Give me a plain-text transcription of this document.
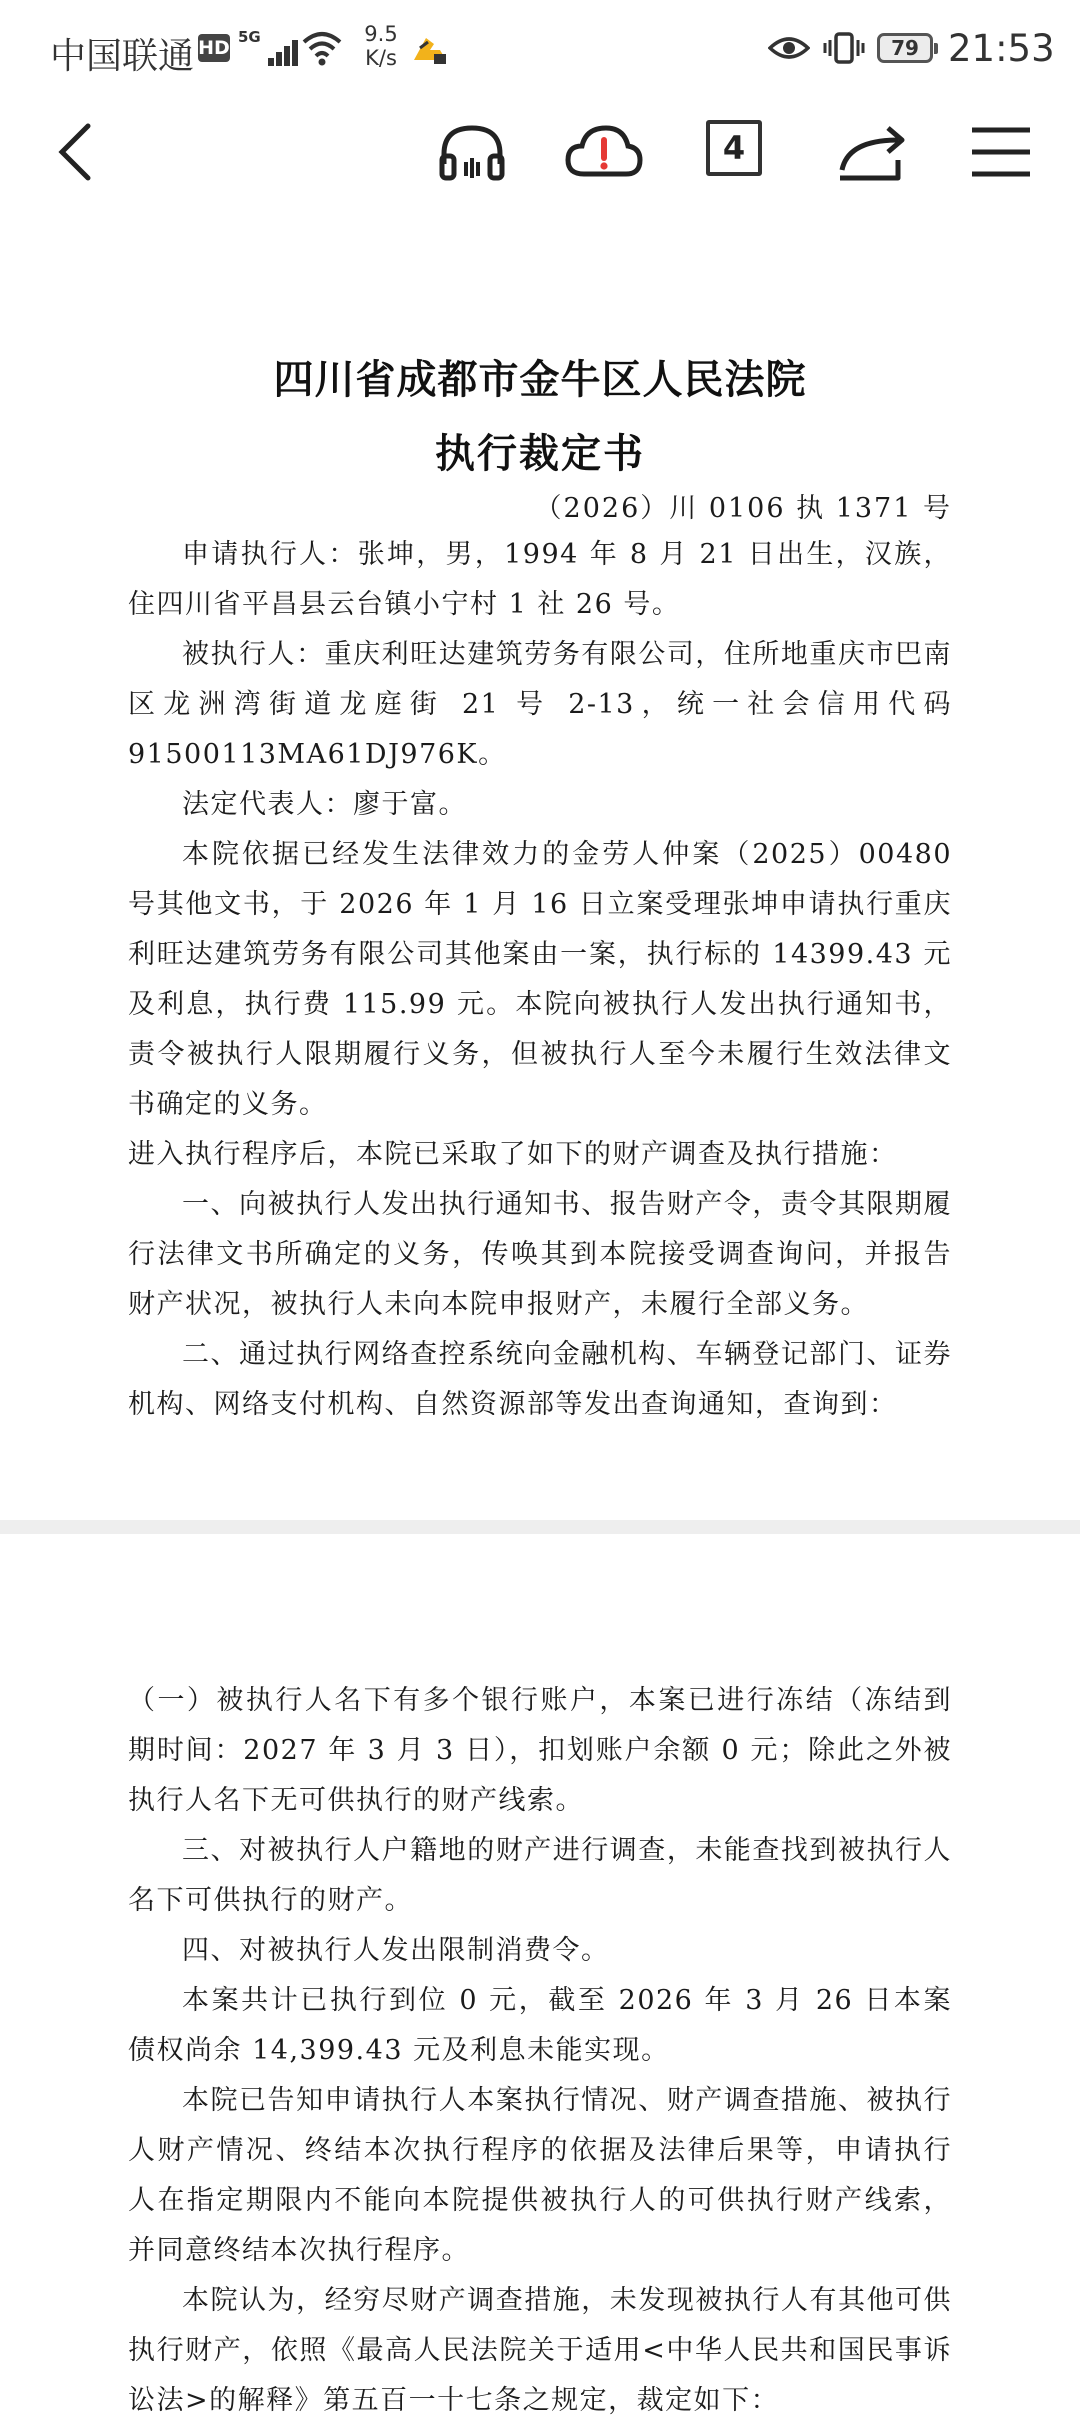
中国联通 HD 5G	9.5
K/s	79 21:53
4
四川省成都市金牛区人民法院
执行裁定书
（2026）川 0106 执 1371 号

申请执行人：张坤，男，1994 年 8 月 21 日出生，汉族，住四川省平昌县云台镇小宁村 1 社 26 号。

被执行人：重庆利旺达建筑劳务有限公司，住所地重庆市巴南区龙洲湾街道龙庭街 21 号 2-13，统一社会信用代码 91500113MA61DJ976K。

法定代表人：廖于富。

本院依据已经发生法律效力的金劳人仲案（2025）00480 号其他文书，于 2026 年 1 月 16 日立案受理张坤申请执行重庆利旺达建筑劳务有限公司其他案由一案，执行标的 14399.43 元及利息，执行费 115.99 元。本院向被执行人发出执行通知书，责令被执行人限期履行义务，但被执行人至今未履行生效法律文书确定的义务。

进入执行程序后，本院已采取了如下的财产调查及执行措施：

一、向被执行人发出执行通知书、报告财产令，责令其限期履行法律文书所确定的义务，传唤其到本院接受调查询问，并报告财产状况，被执行人未向本院申报财产，未履行全部义务。

二、通过执行网络查控系统向金融机构、车辆登记部门、证券机构、网络支付机构、自然资源部等发出查询通知，查询到：

（一）被执行人名下有多个银行账户，本案已进行冻结（冻结到期时间：2027 年 3 月 3 日），扣划账户余额 0 元；除此之外被执行人名下无可供执行的财产线索。

三、对被执行人户籍地的财产进行调查，未能查找到被执行人名下可供执行的财产。

四、对被执行人发出限制消费令。

本案共计已执行到位 0 元，截至 2026 年 3 月 26 日本案债权尚余 14,399.43 元及利息未能实现。

本院已告知申请执行人本案执行情况、财产调查措施、被执行人财产情况、终结本次执行程序的依据及法律后果等，申请执行人在指定期限内不能向本院提供被执行人的可供执行财产线索，并同意终结本次执行程序。

本院认为，经穷尽财产调查措施，未发现被执行人有其他可供执行财产，依照《最高人民法院关于适用<中华人民共和国民事诉讼法>的解释》第五百一十七条之规定，裁定如下：
